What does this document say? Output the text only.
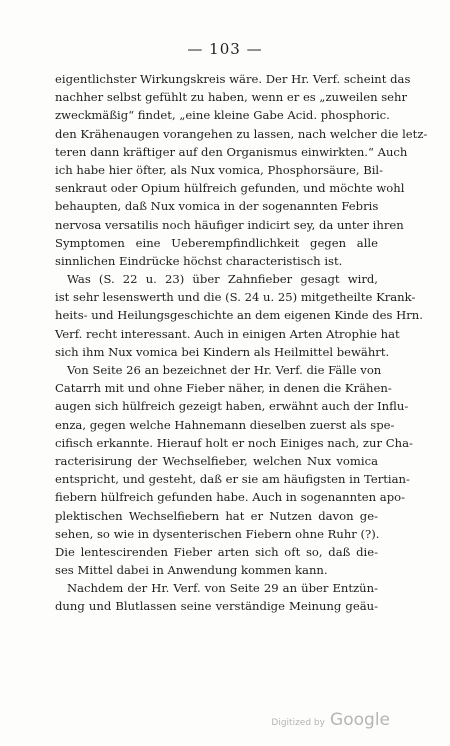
— 103 —
eigentlichster Wirkungskreis wäre. Der Hr. Verf. scheint das
nachher selbst gefühlt zu haben, wenn er es „zuweilen sehr
zweckmäßig“ findet, „eine kleine Gabe Acid. phosphoric.
den Krähenaugen vorangehen zu lassen, nach welcher die letz-
teren dann kräftiger auf den Organismus einwirkten.“ Auch
ich habe hier öfter, als Nux vomica, Phosphorsäure, Bil-
senkraut oder Opium hülfreich gefunden, und möchte wohl
behaupten, daß Nux vomica in der sogenannten Febris
nervosa versatilis noch häufiger indicirt sey, da unter ihren
Symptomen eine Ueberempfindlichkeit gegen alle
sinnlichen Eindrücke höchst characteristisch ist.
Was (S. 22 u. 23) über Zahnfieber gesagt wird,
ist sehr lesenswerth und die (S. 24 u. 25) mitgetheilte Krank-
heits- und Heilungsgeschichte an dem eigenen Kinde des Hrn.
Verf. recht interessant. Auch in einigen Arten Atrophie hat
sich ihm Nux vomica bei Kindern als Heilmittel bewährt.
Von Seite 26 an bezeichnet der Hr. Verf. die Fälle von
Catarrh mit und ohne Fieber näher, in denen die Krähen-
augen sich hülfreich gezeigt haben, erwähnt auch der Influ-
enza, gegen welche Hahnemann dieselben zuerst als spe-
cifisch erkannte. Hierauf holt er noch Einiges nach, zur Cha-
racterisirung der Wechselfieber, welchen Nux vomica
entspricht, und gesteht, daß er sie am häufigsten in Tertian-
fiebern hülfreich gefunden habe. Auch in sogenannten apo-
plektischen Wechselfiebern hat er Nutzen davon ge-
sehen, so wie in dysenterischen Fiebern ohne Ruhr (?).
Die lentescirenden Fieber arten sich oft so, daß die-
ses Mittel dabei in Anwendung kommen kann.
Nachdem der Hr. Verf. von Seite 29 an über Entzün-
dung und Blutlassen seine verständige Meinung geäu-
Digitized by Google
